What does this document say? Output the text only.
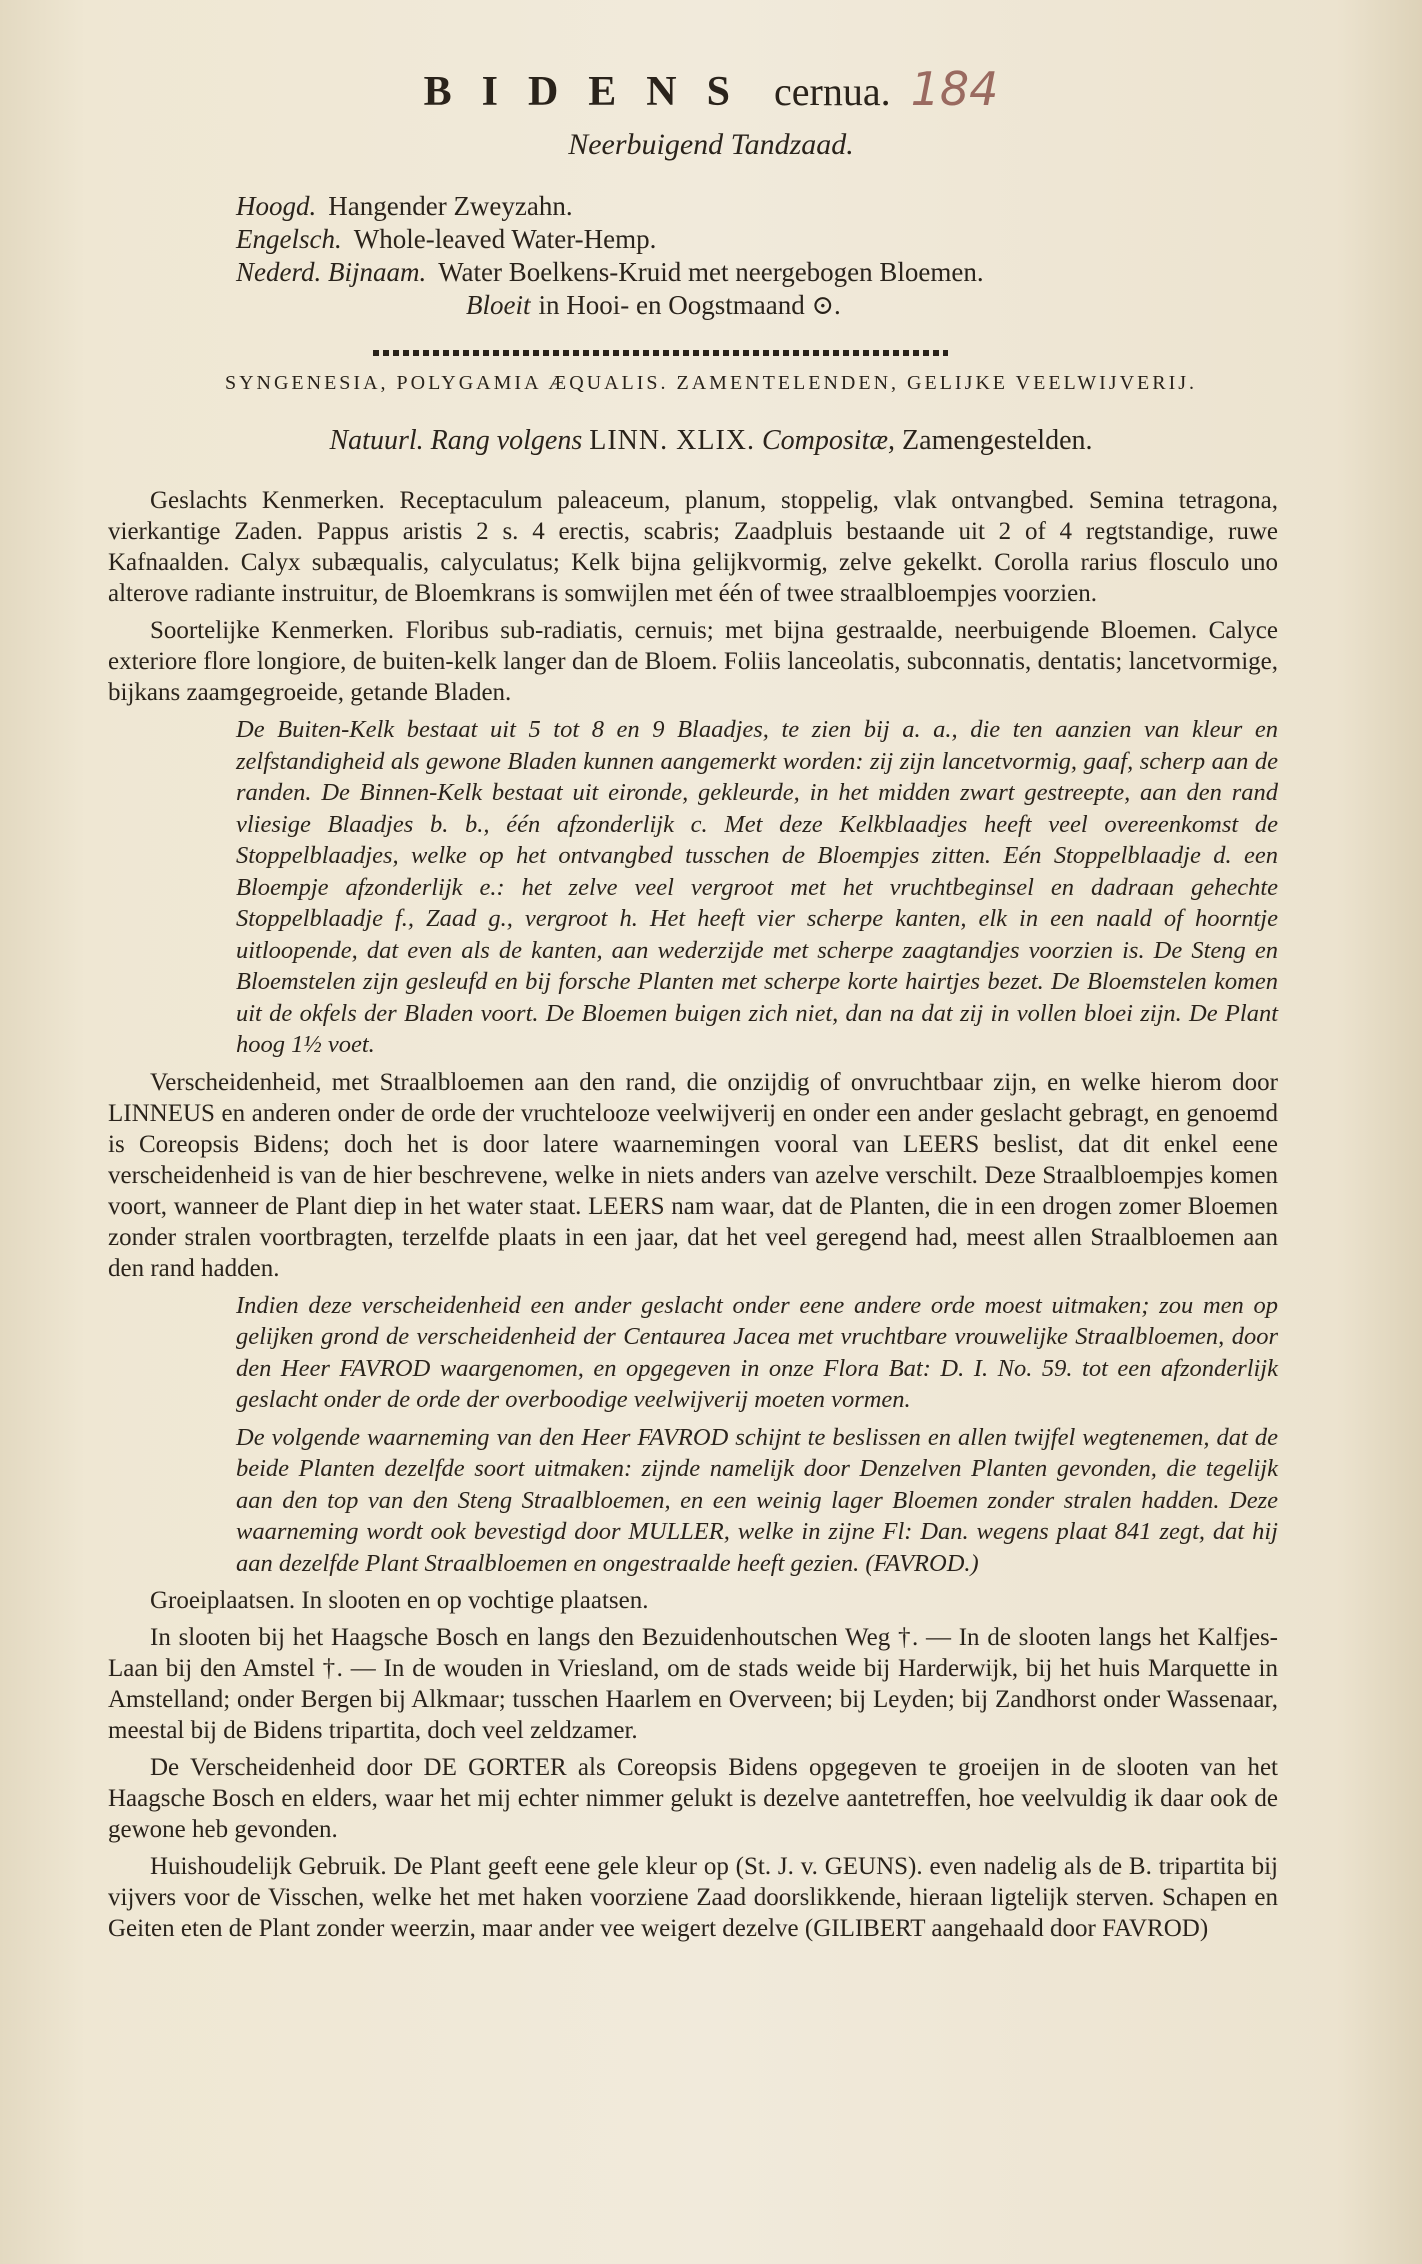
BIDENS cernua. 184
Neerbuigend Tandzaad.
Hoogd. Hangender Zweyzahn.
Engelsch. Whole-leaved Water-Hemp.
Nederd. Bijnaam. Water Boelkens-Kruid met neergebogen Bloemen.
Bloeit in Hooi- en Oogstmaand ⊙.
SYNGENESIA, POLYGAMIA ÆQUALIS. ZAMENTELENDEN, GELIJKE VEELWIJVERIJ.
Natuurl. Rang volgens LINN. XLIX. Compositæ, Zamengestelden.

Geslachts Kenmerken. Receptaculum paleaceum, planum, stoppelig, vlak ontvangbed. Semina tetragona, vierkantige Zaden. Pappus aristis 2 s. 4 erectis, scabris; Zaadpluis bestaande uit 2 of 4 regtstandige, ruwe Kafnaalden. Calyx subæqualis, calyculatus; Kelk bijna gelijkvormig, zelve gekelkt. Corolla rarius flosculo uno alterove radiante instruitur, de Bloemkrans is somwijlen met één of twee straalbloempjes voorzien.

Soortelijke Kenmerken. Floribus sub-radiatis, cernuis; met bijna gestraalde, neerbuigende Bloemen. Calyce exteriore flore longiore, de buiten-kelk langer dan de Bloem. Foliis lanceolatis, subconnatis, dentatis; lancetvormige, bijkans zaamgegroeide, getande Bladen.

De Buiten-Kelk bestaat uit 5 tot 8 en 9 Blaadjes, te zien bij a. a., die ten aanzien van kleur en zelfstandigheid als gewone Bladen kunnen aangemerkt worden: zij zijn lancetvormig, gaaf, scherp aan de randen. De Binnen-Kelk bestaat uit eironde, gekleurde, in het midden zwart gestreepte, aan den rand vliesige Blaadjes b. b., één afzonderlijk c. Met deze Kelkblaadjes heeft veel overeenkomst de Stoppelblaadjes, welke op het ontvangbed tusschen de Bloempjes zitten. Eén Stoppelblaadje d. een Bloempje afzonderlijk e.: het zelve veel vergroot met het vruchtbeginsel en dadraan gehechte Stoppelblaadje f., Zaad g., vergroot h. Het heeft vier scherpe kanten, elk in een naald of hoorntje uitloopende, dat even als de kanten, aan wederzijde met scherpe zaagtandjes voorzien is. De Steng en Bloemstelen zijn gesleufd en bij forsche Planten met scherpe korte hairtjes bezet. De Bloemstelen komen uit de okfels der Bladen voort. De Bloemen buigen zich niet, dan na dat zij in vollen bloei zijn. De Plant hoog 1½ voet.

Verscheidenheid, met Straalbloemen aan den rand, die onzijdig of onvruchtbaar zijn, en welke hierom door LINNEUS en anderen onder de orde der vruchtelooze veelwijverij en onder een ander geslacht gebragt, en genoemd is Coreopsis Bidens; doch het is door latere waarnemingen vooral van LEERS beslist, dat dit enkel eene verscheidenheid is van de hier beschrevene, welke in niets anders van azelve verschilt. Deze Straalbloempjes komen voort, wanneer de Plant diep in het water staat. LEERS nam waar, dat de Planten, die in een drogen zomer Bloemen zonder stralen voortbragten, terzelfde plaats in een jaar, dat het veel geregend had, meest allen Straalbloemen aan den rand hadden.

Indien deze verscheidenheid een ander geslacht onder eene andere orde moest uitmaken; zou men op gelijken grond de verscheidenheid der Centaurea Jacea met vruchtbare vrouwelijke Straalbloemen, door den Heer FAVROD waargenomen, en opgegeven in onze Flora Bat: D. I. No. 59. tot een afzonderlijk geslacht onder de orde der overboodige veelwijverij moeten vormen.

De volgende waarneming van den Heer FAVROD schijnt te beslissen en allen twijfel wegtenemen, dat de beide Planten dezelfde soort uitmaken: zijnde namelijk door Denzelven Planten gevonden, die tegelijk aan den top van den Steng Straalbloemen, en een weinig lager Bloemen zonder stralen hadden. Deze waarneming wordt ook bevestigd door MULLER, welke in zijne Fl: Dan. wegens plaat 841 zegt, dat hij aan dezelfde Plant Straalbloemen en ongestraalde heeft gezien. (FAVROD.)

Groeiplaatsen. In slooten en op vochtige plaatsen.

In slooten bij het Haagsche Bosch en langs den Bezuidenhoutschen Weg †. — In de slooten langs het Kalfjes-Laan bij den Amstel †. — In de wouden in Vriesland, om de stads weide bij Harderwijk, bij het huis Marquette in Amstelland; onder Bergen bij Alkmaar; tusschen Haarlem en Overveen; bij Leyden; bij Zandhorst onder Wassenaar, meestal bij de Bidens tripartita, doch veel zeldzamer.

De Verscheidenheid door DE GORTER als Coreopsis Bidens opgegeven te groeijen in de slooten van het Haagsche Bosch en elders, waar het mij echter nimmer gelukt is dezelve aantetreffen, hoe veelvuldig ik daar ook de gewone heb gevonden.

Huishoudelijk Gebruik. De Plant geeft eene gele kleur op (St. J. v. GEUNS). even nadelig als de B. tripartita bij vijvers voor de Visschen, welke het met haken voorziene Zaad doorslikkende, hieraan ligtelijk sterven. Schapen en Geiten eten de Plant zonder weerzin, maar ander vee weigert dezelve (GILIBERT aangehaald door FAVROD)
